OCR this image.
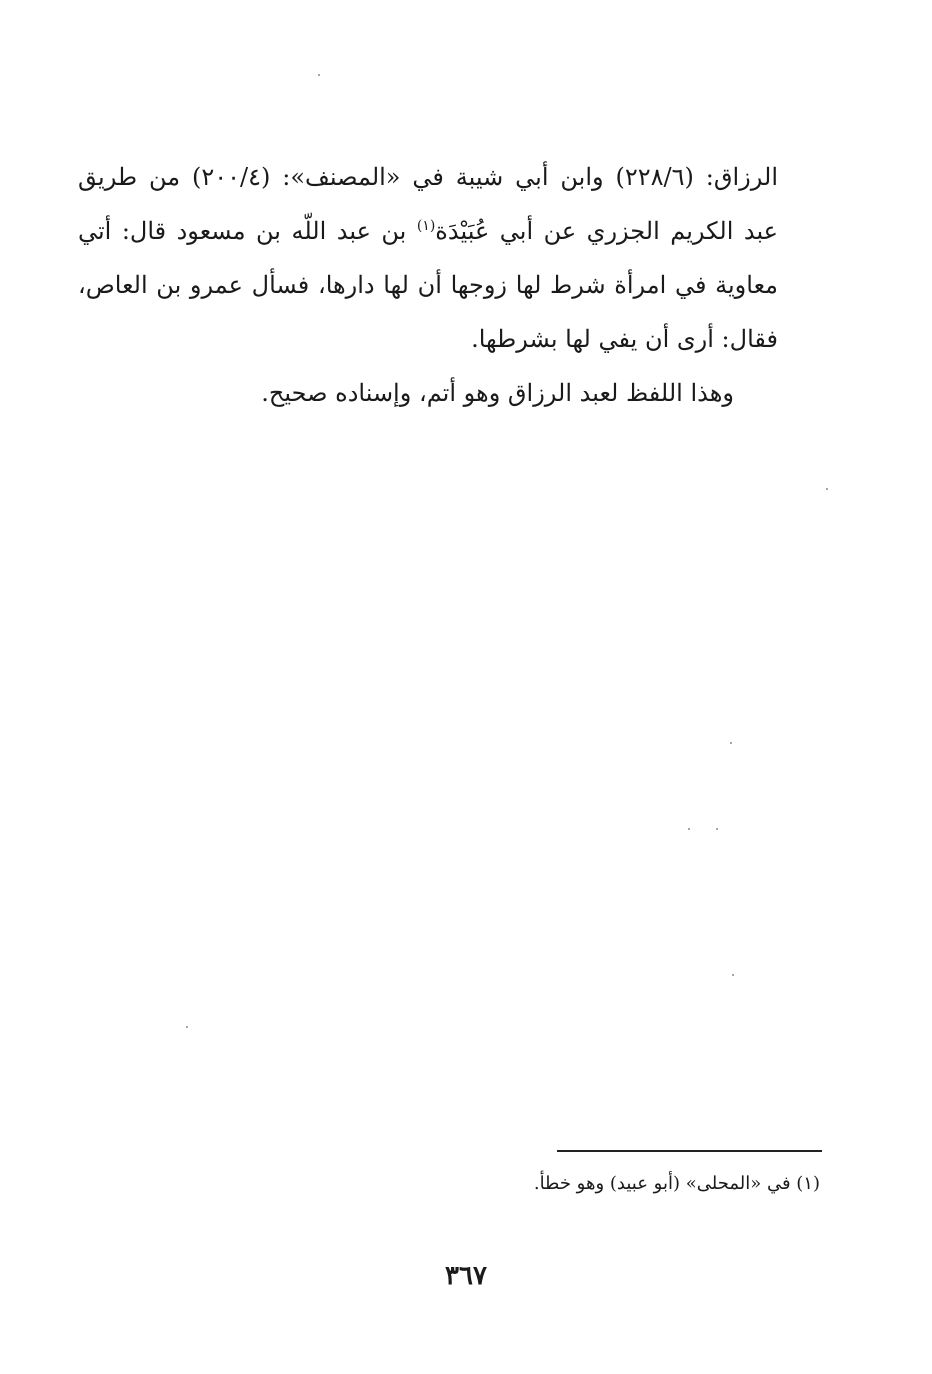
الرزاق: (٢٢٨/٦) وابن أبي شيبة في «المصنف»: (٢٠٠/٤) من طريق عبد الكريم الجزري عن أبي عُبَيْدَة$^{(١)}$ بن عبد اللّه بن مسعود قال: أتي معاوية في امرأة شرط لها زوجها أن لها دارها، فسأل عمرو بن العاص، فقال: أرى أن يفي لها بشرطها.

وهذا اللفظ لعبد الرزاق وهو أتم، وإسناده صحيح.

(١) في «المحلى» (أبو عبيد) وهو خطأ.
٣٦٧
